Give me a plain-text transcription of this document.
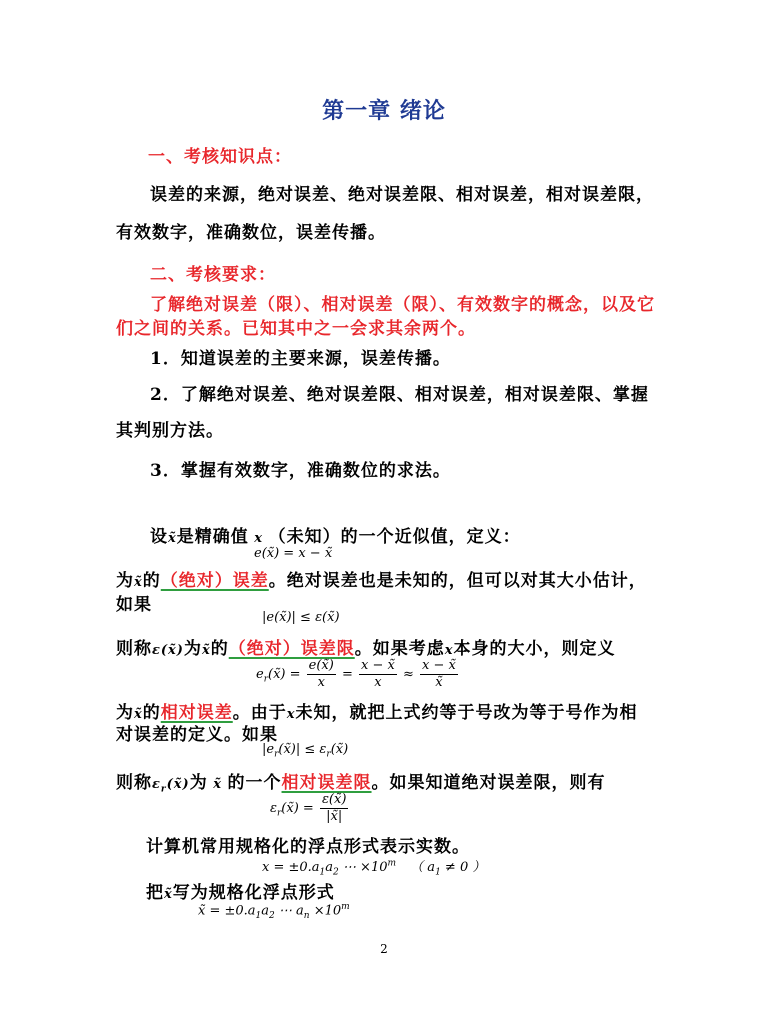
第一章 绪论
一、考核知识点：
误差的来源，绝对误差、绝对误差限、相对误差，相对误差限，
有效数字，准确数位，误差传播。
二、考核要求：
了解绝对误差（限）、相对误差（限）、有效数字的概念，以及它
们之间的关系。已知其中之一会求其余两个。
1．知道误差的主要来源，误差传播。
2．了解绝对误差、绝对误差限、相对误差，相对误差限、掌握
其判别方法。
3．掌握有效数字，准确数位的求法。
设x̃是精确值 x （未知）的一个近似值，定义：
e(x̃) = x − x̃
为x̃的（绝对）误差。绝对误差也是未知的，但可以对其大小估计，
如果
|e(x̃)| ≤ ε(x̃)
则称ε(x̃)为x̃的（绝对）误差限。如果考虑x本身的大小，则定义
$e_r(x̃) = \frac{e(x̃)}{x} = \frac{x - x̃}{x} \approx \frac{x - x̃}{x̃}$
为x̃的相对误差。由于x未知，就把上式约等于号改为等于号作为相
对误差的定义。如果
$|e_r(x̃)|$ ≤ $\varepsilon_r(x̃)$
则称$\varepsilon_r(x̃)$为 x̃ 的一个相对误差限。如果知道绝对误差限，则有
$\varepsilon_r(x̃) = \frac{\varepsilon(x̃)}{|x̃|}$
计算机常用规格化的浮点形式表示实数。
$x = \pm 0.a_1a_2$ ⋯ $\times 10^m$ （ $a_1 \ne 0$ ）
把x̃写为规格化浮点形式
x̃ = $\pm 0.a_1a_2$ ⋯ $a_n \times 10^m$
2
